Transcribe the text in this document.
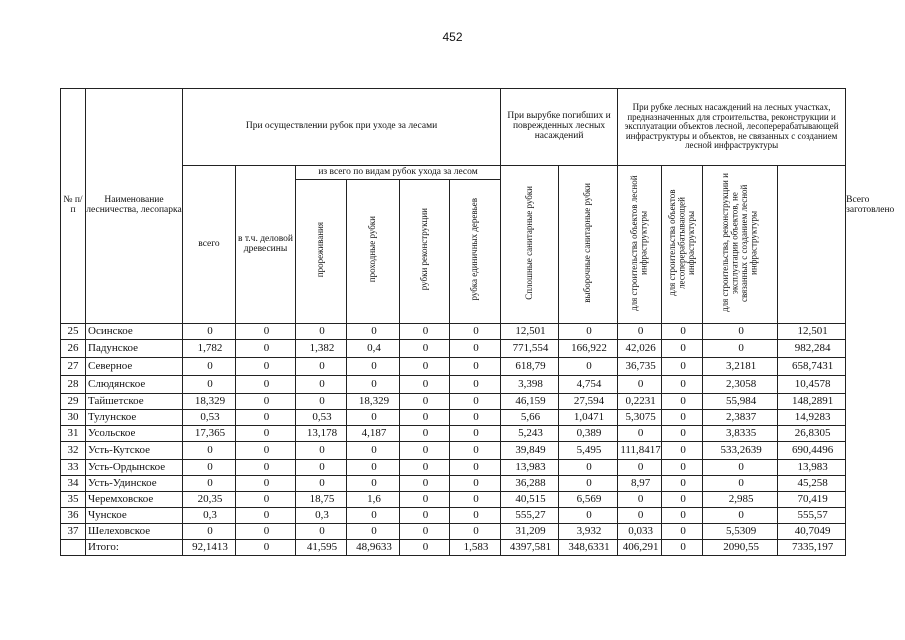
452
№ п/п	Наименование лесничества, лесопарка	При осуществлении рубок при уходе за лесами						При вырубке погибших и поврежденных лесных насаждений		При рубке лесных насаждений на лесных участках, предназначенных для строительства, реконструкции и эксплуатации объектов лесной, лесоперерабатывающей инфраструктуры и объектов, не связанных с созданием лесной инфраструктуры				Всего заготовлено
		всего	в т.ч. деловой древесины	из всего по видам рубок ухода за лесом				Сплошные санитарные рубки	выборочные санитарные рубки	для строительства объектов лесной инфраструктуры	для строительства объектов лесоперерабатывающей инфраструктуры	для строительства, реконструкции и эксплуатации объектов, не связанных с созданием лесной инфраструктуры		
				прореживания	проходные рубки	рубки реконструкции	рубка единичных деревьев							
25	Осинское	0	0	0	0	0	0	12,501	0	0	0	0	12,501	
26	Падунское	1,782	0	1,382	0,4	0	0	771,554	166,922	42,026	0	0	982,284	
27	Северное	0	0	0	0	0	0	618,79	0	36,735	0	3,2181	658,7431	
28	Слюдянское	0	0	0	0	0	0	3,398	4,754	0	0	2,3058	10,4578	
29	Тайшетское	18,329	0	0	18,329	0	0	46,159	27,594	0,2231	0	55,984	148,2891	
30	Тулунское	0,53	0	0,53	0	0	0	5,66	1,0471	5,3075	0	2,3837	14,9283	
31	Усольское	17,365	0	13,178	4,187	0	0	5,243	0,389	0	0	3,8335	26,8305	
32	Усть-Кутское	0	0	0	0	0	0	39,849	5,495	111,8417	0	533,2639	690,4496	
33	Усть-Ордынское	0	0	0	0	0	0	13,983	0	0	0	0	13,983	
34	Усть-Удинское	0	0	0	0	0	0	36,288	0	8,97	0	0	45,258	
35	Черемховское	20,35	0	18,75	1,6	0	0	40,515	6,569	0	0	2,985	70,419	
36	Чунское	0,3	0	0,3	0	0	0	555,27	0	0	0	0	555,57	
37	Шелеховское	0	0	0	0	0	0	31,209	3,932	0,033	0	5,5309	40,7049	
	Итого:	92,1413	0	41,595	48,9633	0	1,583	4397,581	348,6331	406,291	0	2090,55	7335,197	
